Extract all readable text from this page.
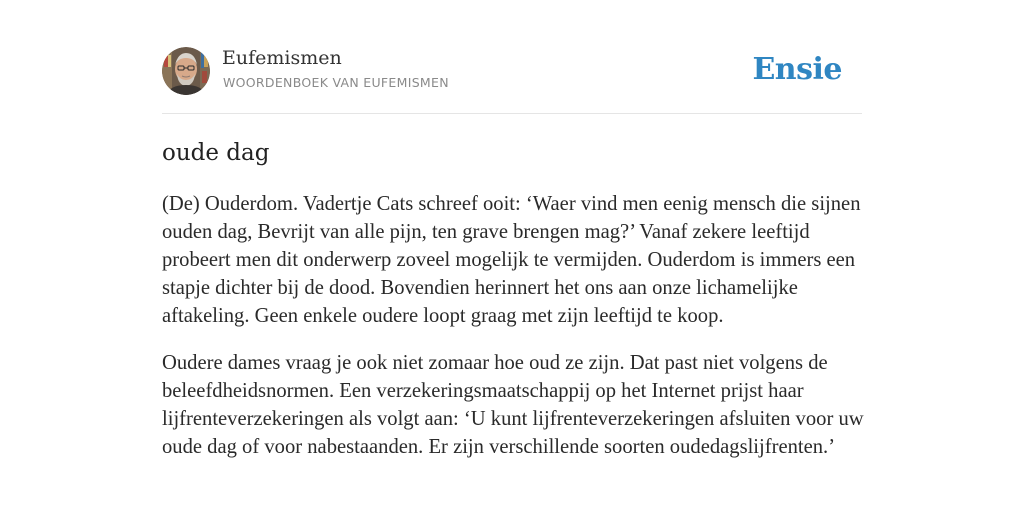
Eufemismen
WOORDENBOEK VAN EUFEMISMEN	Ensie
oude dag

(De) Ouderdom. Vadertje Cats schreef ooit: ‘Waer vind men eenig mensch die sijnen ouden dag, Bevrijt van alle pijn, ten grave brengen mag?’ Vanaf zekere leeftijd probeert men dit onderwerp zoveel mogelijk te vermijden. Ouderdom is immers een stapje dichter bij de dood. Bovendien herinnert het ons aan onze lichamelijke aftakeling. Geen enkele oudere loopt graag met zijn leeftijd te koop.

Oudere dames vraag je ook niet zomaar hoe oud ze zijn. Dat past niet volgens de beleefdheidsnormen. Een verzekeringsmaatschappij op het Internet prijst haar lijfrenteverzekeringen als volgt aan: ‘U kunt lijfrenteverzekeringen afsluiten voor uw oude dag of voor nabestaanden. Er zijn verschillende soorten oudedagslijfrenten.’
